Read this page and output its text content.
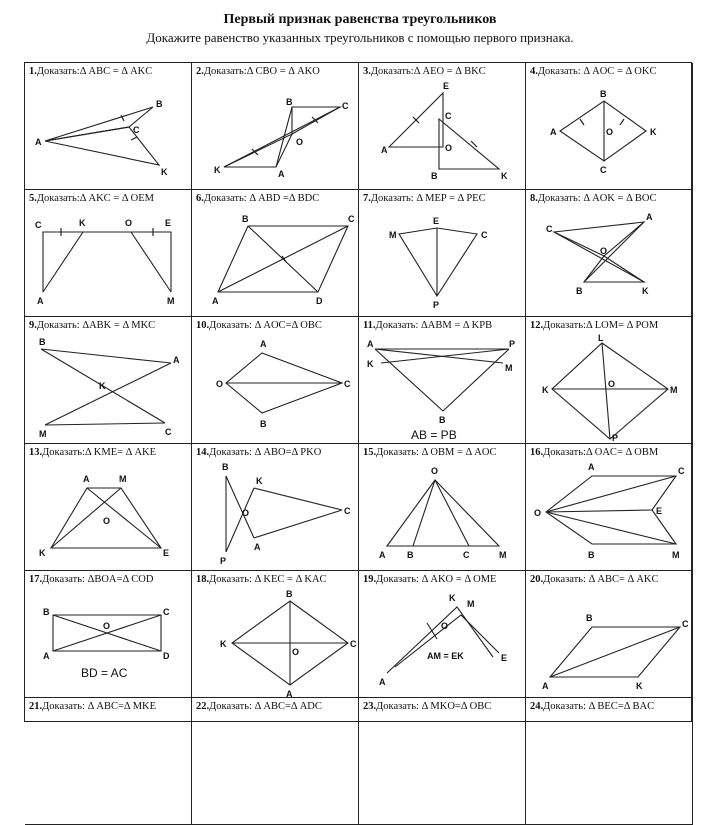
Первый признак равенства треугольников
Докажите равенство указанных треугольников с помощью первого признака.
1.Доказать:Δ ABC = Δ AKC
A
B
C
K
2.Доказать:Δ CBO = Δ AKO
B	C
O
K	A
3.Доказать:Δ AEO = Δ BKC
E
C
A	O
B	K
4.Доказать: Δ AOC = Δ OKC
B
A	O	K
C
5.Доказать:Δ AKC = Δ OEM
C	K	O	E
A	M
6.Доказать: Δ ABD =Δ BDC
B	C
A	D
7.Доказать: Δ MEP = Δ PEC
E
M	C
P
8.Доказать: Δ AOK = Δ BOC
C
A
O
B	K
9.Доказать: ΔABK = Δ MKC
B
A
K
M	C
10.Доказать: Δ AOC=Δ OBC
A
O	C
B
11.Доказать: ΔABM = Δ KPB
A	P
K	M
B
AB = PB
12.Доказать:Δ LOM= Δ POM
L
K
O
M
P
13.Доказать:Δ KME= Δ AKE
A	M
O
K	E
14.Доказать: Δ ABO=Δ PKO
B
K
O	C
A
P
15.Доказать: Δ OBM = Δ AOC
O
A B	C	M
16.Доказать:Δ OAC= Δ OBM
O
A	C
E
B	M
17.Доказать: ΔBOA=Δ COD
B	C
O
A	D
BD = AC
18.Доказать: Δ KEC = Δ KAC
B
K
O
C
A
19.Доказать: Δ AKO = Δ OME
K
M
O
A
E
AM = EK
20.Доказать: Δ ABC= Δ AKC
B
C
A	K
21.Доказать: Δ ABC=Δ MKE	22.Доказать: Δ ABC=Δ ADC	23.Доказать: Δ MKO=Δ OBC	24.Доказать: Δ BEC=Δ BAC
